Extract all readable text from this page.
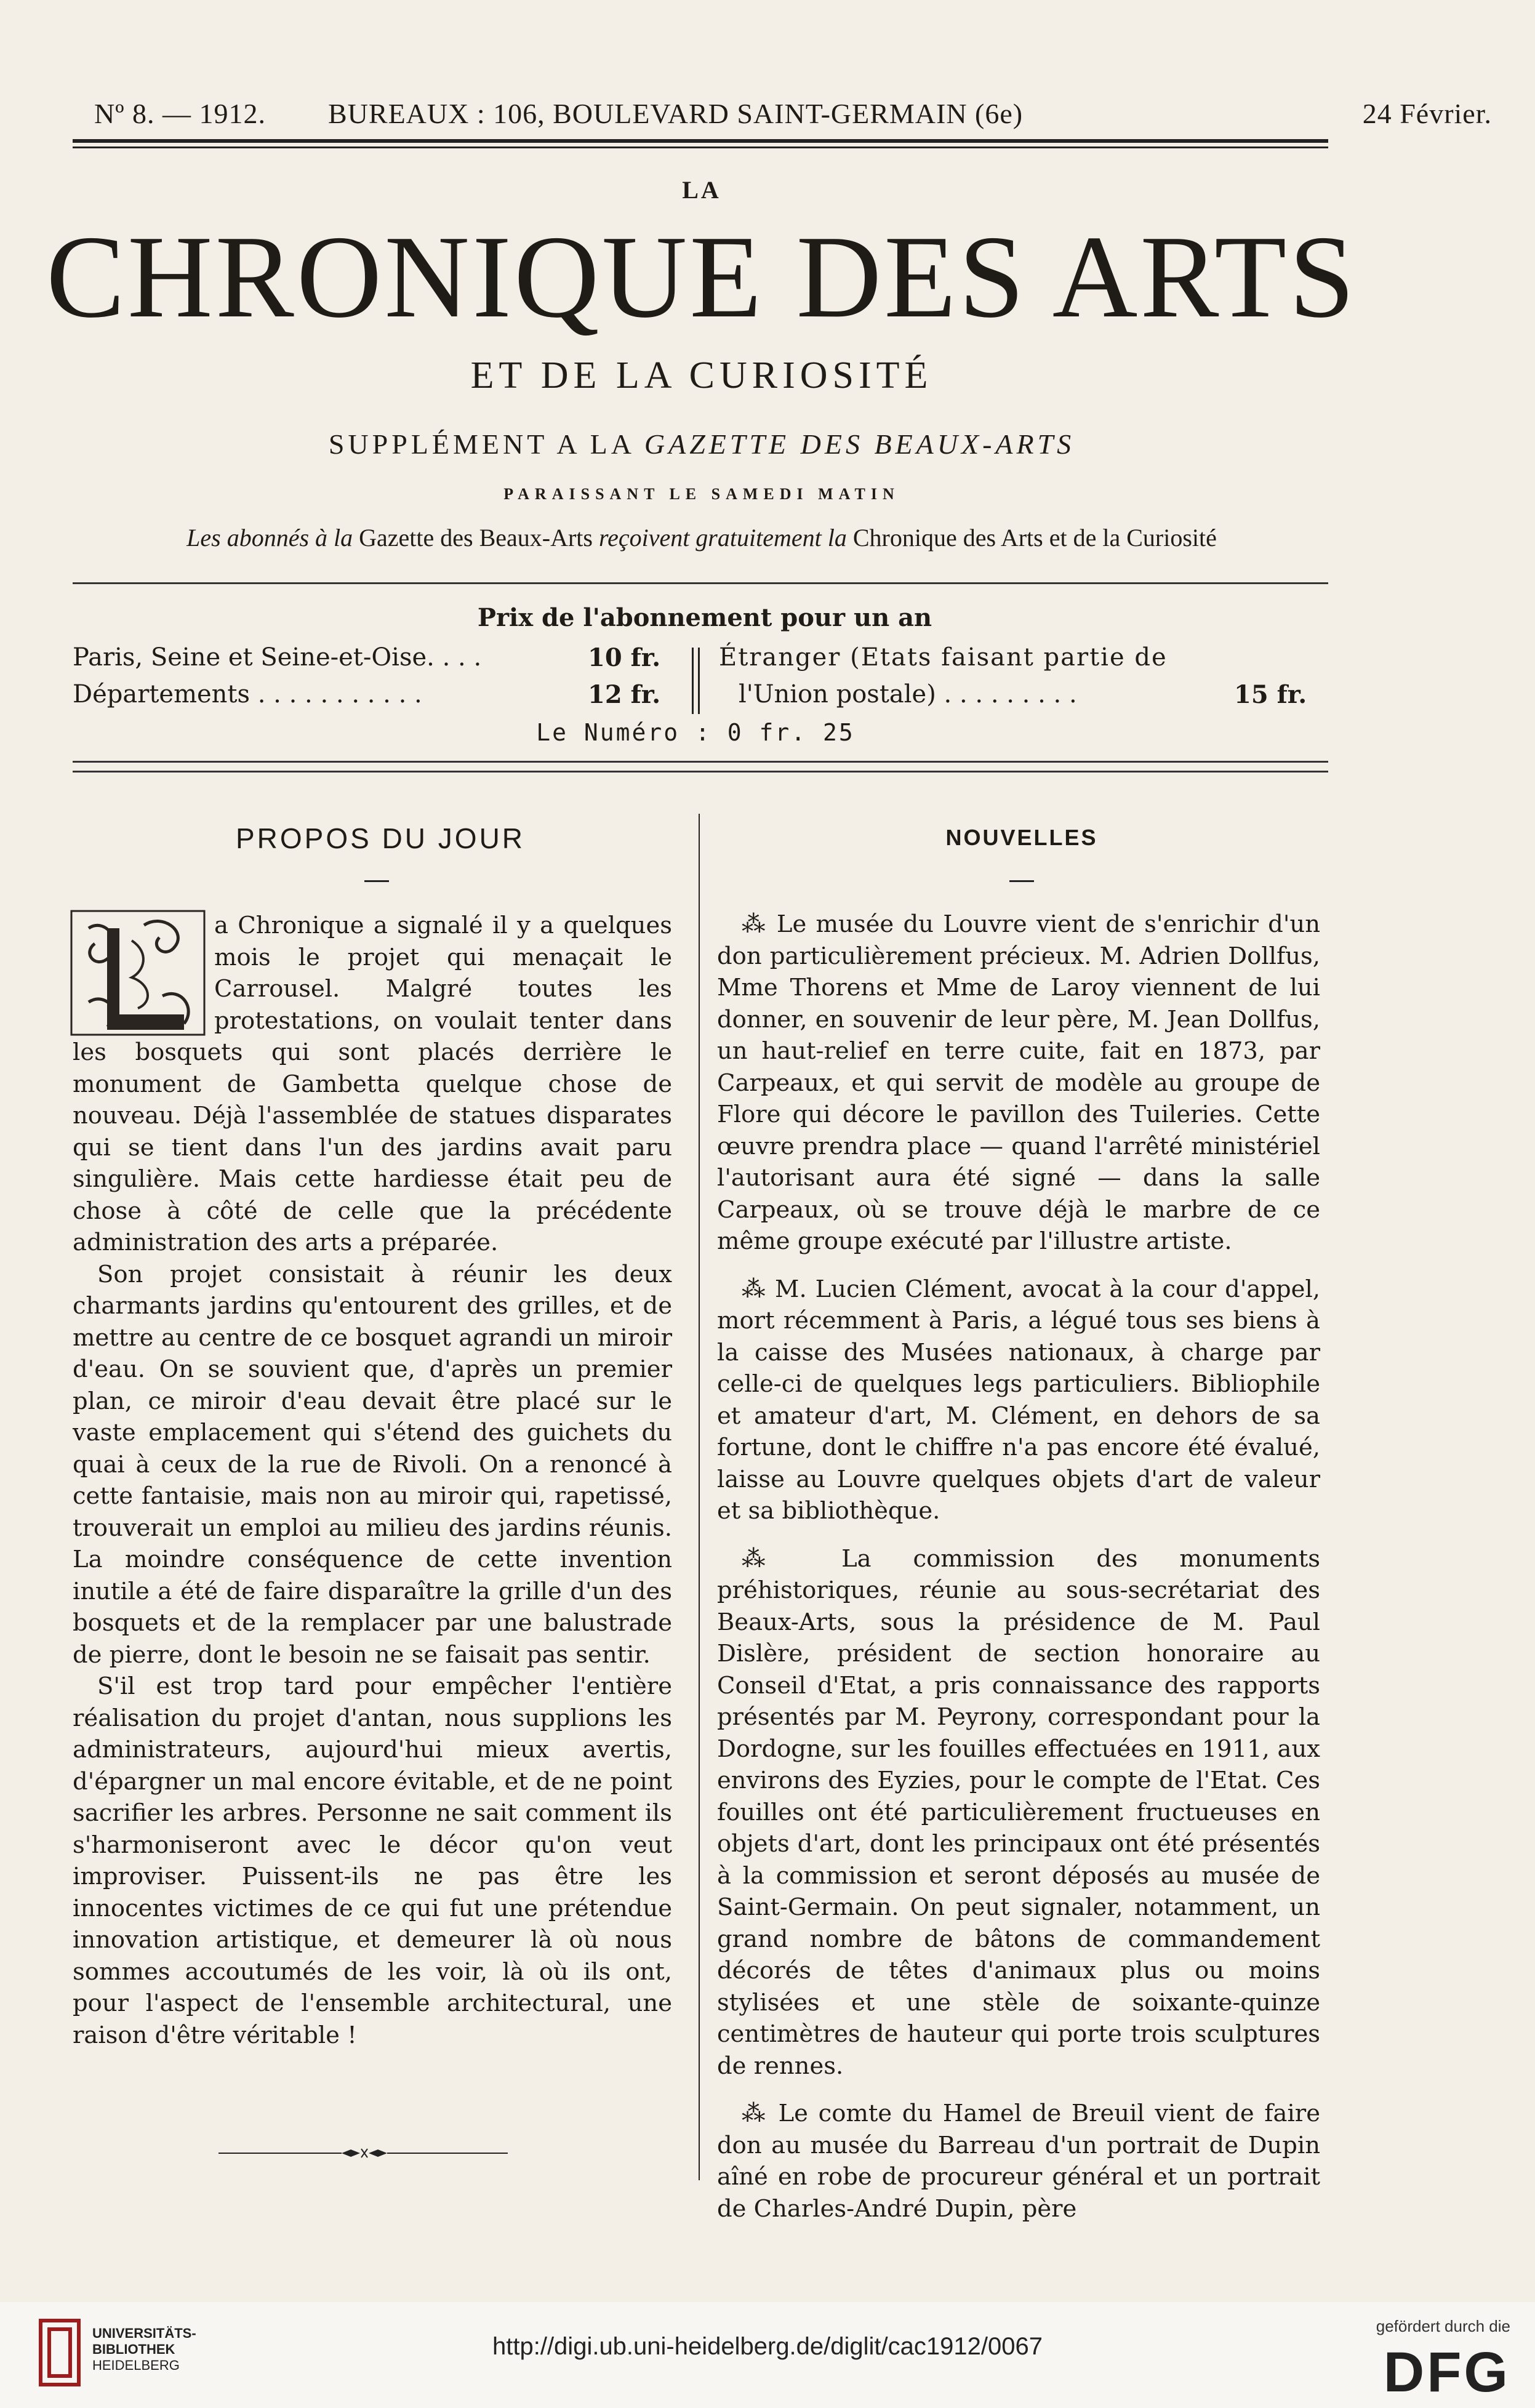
Nº 8. — 1912. BUREAUX : 106, BOULEVARD SAINT-GERMAIN (6e)	24 Février.
LA
CHRONIQUE DES ARTS
ET DE LA CURIOSITÉ
SUPPLÉMENT A LA GAZETTE DES BEAUX-ARTS
PARAISSANT LE SAMEDI MATIN
Les abonnés à la Gazette des Beaux-Arts reçoivent gratuitement la Chronique des Arts et de la Curiosité
Prix de l'abonnement pour un an
Paris, Seine et Seine-et-Oise. . . .	10 fr.
Départements . . . . . . . . . . .	12 fr.
Étranger (Etats faisant partie de
l'Union postale) . . . . . . . . .	15 fr.
Le Numéro : 0 fr. 25
PROPOS DU JOUR

a Chronique a signalé il y a quelques mois le projet qui menaçait le Carrousel. Malgré toutes les protestations, on voulait tenter dans les bosquets qui sont placés derrière le monument de Gambetta quelque chose de nouveau. Déjà l'assemblée de statues disparates qui se tient dans l'un des jardins avait paru singulière. Mais cette hardiesse était peu de chose à côté de celle que la précédente administration des arts a préparée.

Son projet consistait à réunir les deux charmants jardins qu'entourent des grilles, et de mettre au centre de ce bosquet agrandi un miroir d'eau. On se souvient que, d'après un premier plan, ce miroir d'eau devait être placé sur le vaste emplacement qui s'étend des guichets du quai à ceux de la rue de Rivoli. On a renoncé à cette fantaisie, mais non au miroir qui, rapetissé, trouverait un emploi au milieu des jardins réunis. La moindre conséquence de cette invention inutile a été de faire disparaître la grille d'un des bosquets et de la remplacer par une balustrade de pierre, dont le besoin ne se faisait pas sentir.

S'il est trop tard pour empêcher l'entière réalisation du projet d'antan, nous supplions les administrateurs, aujourd'hui mieux avertis, d'épargner un mal encore évitable, et de ne point sacrifier les arbres. Personne ne sait comment ils s'harmoniseront avec le décor qu'on veut improviser. Puissent-ils ne pas être les innocentes victimes de ce qui fut une prétendue innovation artistique, et demeurer là où nous sommes accoutumés de les voir, là où ils ont, pour l'aspect de l'ensemble architectural, une raison d'être véritable !

NOUVELLES

⁂ Le musée du Louvre vient de s'enrichir d'un don particulièrement précieux. M. Adrien Dollfus, Mme Thorens et Mme de Laroy viennent de lui donner, en souvenir de leur père, M. Jean Dollfus, un haut-relief en terre cuite, fait en 1873, par Carpeaux, et qui servit de modèle au groupe de Flore qui décore le pavillon des Tuileries. Cette œuvre prendra place — quand l'arrêté ministériel l'autorisant aura été signé — dans la salle Carpeaux, où se trouve déjà le marbre de ce même groupe exécuté par l'illustre artiste.

⁂ M. Lucien Clément, avocat à la cour d'appel, mort récemment à Paris, a légué tous ses biens à la caisse des Musées nationaux, à charge par celle-ci de quelques legs particuliers. Bibliophile et amateur d'art, M. Clément, en dehors de sa fortune, dont le chiffre n'a pas encore été évalué, laisse au Louvre quelques objets d'art de valeur et sa bibliothèque.

⁂ La commission des monuments préhistoriques, réunie au sous-secrétariat des Beaux-Arts, sous la présidence de M. Paul Dislère, président de section honoraire au Conseil d'Etat, a pris connaissance des rapports présentés par M. Peyrony, correspondant pour la Dordogne, sur les fouilles effectuées en 1911, aux environs des Eyzies, pour le compte de l'Etat. Ces fouilles ont été particulièrement fructueuses en objets d'art, dont les principaux ont été présentés à la commission et seront déposés au musée de Saint-Germain. On peut signaler, notamment, un grand nombre de bâtons de commandement décorés de têtes d'animaux plus ou moins stylisées et une stèle de soixante-quinze centimètres de hauteur qui porte trois sculptures de rennes.

⁂ Le comte du Hamel de Breuil vient de faire don au musée du Barreau d'un portrait de Dupin aîné en robe de procureur général et un portrait de Charles-André Dupin, père

UNIVERSITÄTS-
BIBLIOTHEK
HEIDELBERG
http://digi.ub.uni-heidelberg.de/diglit/cac1912/0067
gefördert durch die
DFG
